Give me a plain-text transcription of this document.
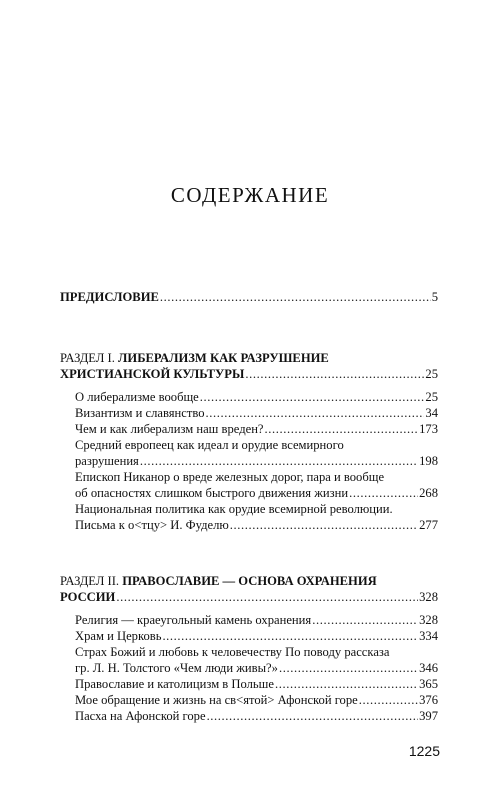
СОДЕРЖАНИЕ
ПРЕДИСЛОВИЕ .....	5
РАЗДЕЛ I. ЛИБЕРАЛИЗМ КАК РАЗРУШЕНИЕ
ХРИСТИАНСКОЙ КУЛЬТУРЫ .....	25
О либерализме вообще .....	25
Византизм и славянство .....	34
Чем и как либерализм наш вреден? .....	173
Средний европеец как идеал и орудие всемирного
разрушения .....	198
Епископ Никанор о вреде железных дорог, пара и вообще
об опасностях слишком быстрого движения жизни .....	268
Национальная политика как орудие всемирной революции.
Письма к о<тцу> И. Фуделю .....	277
РАЗДЕЛ II. ПРАВОСЛАВИЕ — ОСНОВА ОХРАНЕНИЯ
РОССИИ .....	328
Религия — краеугольный камень охранения .....	328
Храм и Церковь .....	334
Страх Божий и любовь к человечеству По поводу рассказа
гр. Л. Н. Толстого «Чем люди живы?» .....	346
Православие и католицизм в Польше .....	365
Мое обращение и жизнь на св<ятой> Афонской горе .....	376
Пасха на Афонской горе .....	397
1225
